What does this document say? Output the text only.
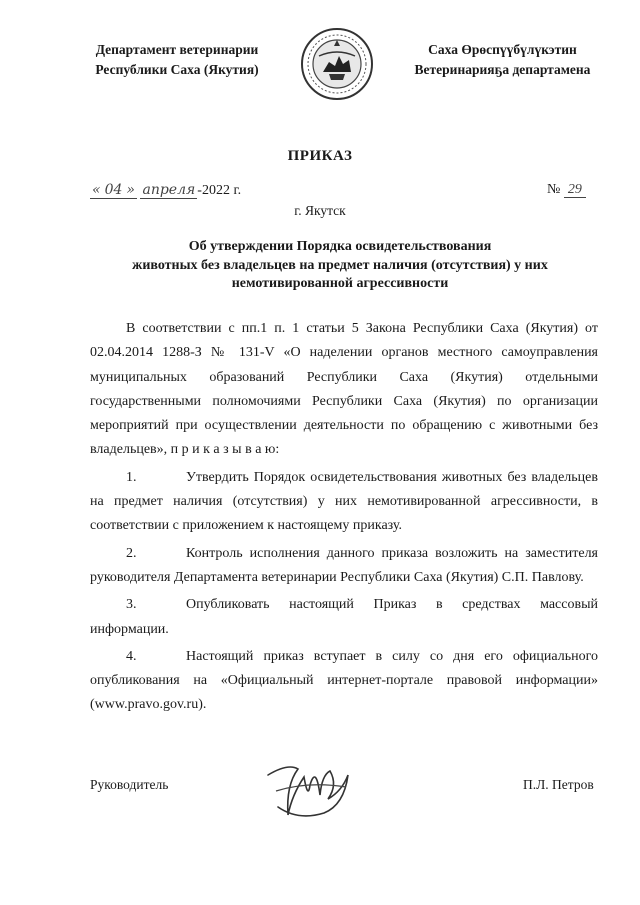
Департамент ветеринарии
Республики Саха (Якутия)
Саха Өрөспүүбүлүкэтин
Ветеринарияҕа департамена
ПРИКАЗ
« 04 » апреля -2022 г.	№ 29
г. Якутск
Об утверждении Порядка освидетельствования
животных без владельцев на предмет наличия (отсутствия) у них
немотивированной агрессивности

В соответствии с пп.1 п. 1 статьи 5 Закона Республики Саха (Якутия) от 02.04.2014 1288-З № 131-V «О наделении органов местного самоуправления муниципальных образований Республики Саха (Якутия) отдельными государственными полномочиями Республики Саха (Якутия) по организации мероприятий при осуществлении деятельности по обращению с животными без владельцев», п р и к а з ы в а ю:

1.	Утвердить Порядок освидетельствования животных без владельцев на предмет наличия (отсутствия) у них немотивированной агрессивности, в соответствии с приложением к настоящему приказу.

2.	Контроль исполнения данного приказа возложить на заместителя руководителя Департамента ветеринарии Республики Саха (Якутия) С.П. Павлову.

3.	Опубликовать настоящий Приказ в средствах массовый информации.

4.	Настоящий приказ вступает в силу со дня его официального опубликования на «Официальный интернет-портале правовой информации» (www.pravo.gov.ru).

Руководитель	П.Л. Петров
